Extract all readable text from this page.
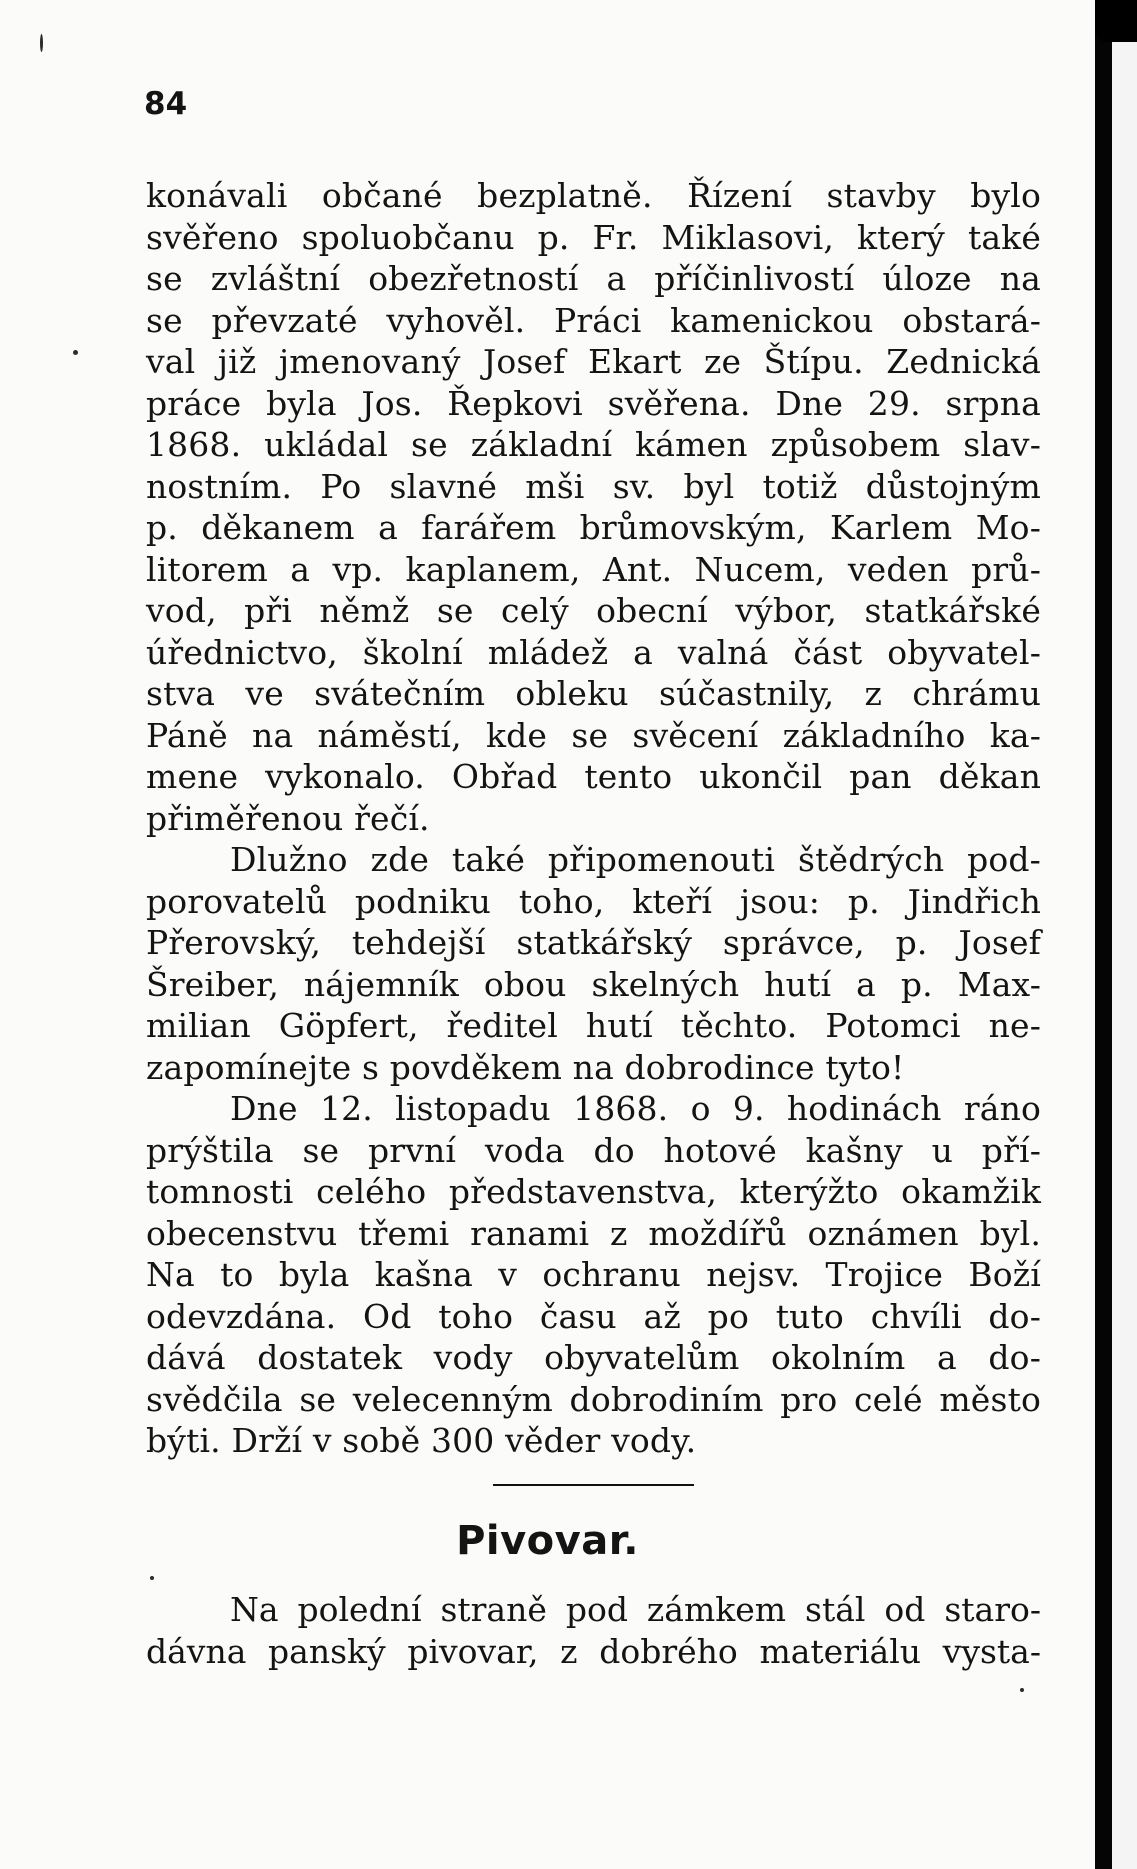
84
konávali občané bezplatně. Řízení stavby bylo
svěřeno spoluobčanu p. Fr. Miklasovi, který také
se zvláštní obezřetností a příčinlivostí úloze na
se převzaté vyhověl. Práci kamenickou obstará-
val již jmenovaný Josef Ekart ze Štípu. Zednická
práce byla Jos. Řepkovi svěřena. Dne 29. srpna
1868. ukládal se základní kámen způsobem slav-
nostním. Po slavné mši sv. byl totiž důstojným
p. děkanem a farářem brůmovským, Karlem Mo-
litorem a vp. kaplanem, Ant. Nucem, veden prů-
vod, při němž se celý obecní výbor, statkářské
úřednictvo, školní mládež a valná část obyvatel-
stva ve svátečním obleku súčastnily, z chrámu
Páně na náměstí, kde se svěcení základního ka-
mene vykonalo. Obřad tento ukončil pan děkan
přiměřenou řečí.
Dlužno zde také připomenouti štědrých pod-
porovatelů podniku toho, kteří jsou: p. Jindřich
Přerovský, tehdejší statkářský správce, p. Josef
Šreiber, nájemník obou skelných hutí a p. Max-
milian Göpfert, ředitel hutí těchto. Potomci ne-
zapomínejte s povděkem na dobrodince tyto!
Dne 12. listopadu 1868. o 9. hodinách ráno
prýštila se první voda do hotové kašny u pří-
tomnosti celého představenstva, kterýžto okamžik
obecenstvu třemi ranami z moždířů oznámen byl.
Na to byla kašna v ochranu nejsv. Trojice Boží
odevzdána. Od toho času až po tuto chvíli do-
dává dostatek vody obyvatelům okolním a do-
svědčila se velecenným dobrodiním pro celé město
býti. Drží v sobě 300 věder vody.
Pivovar.
Na polední straně pod zámkem stál od staro-
dávna panský pivovar, z dobrého materiálu vysta-
